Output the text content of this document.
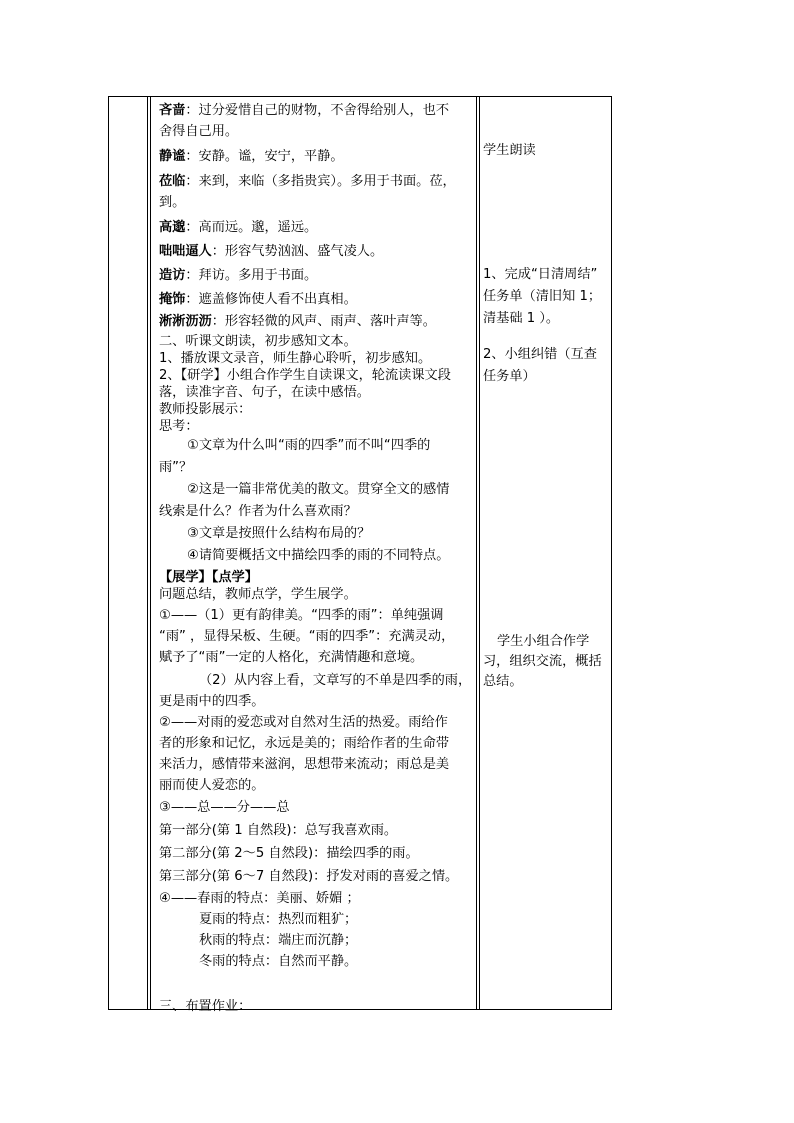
吝啬：过分爱惜自己的财物，不舍得给别人，也不
舍得自己用。
静谧：安静。谧，安宁，平静。
莅临：来到，来临（多指贵宾）。多用于书面。莅，
到。
高邈：高而远。邈，遥远。
咄咄逼人：形容气势汹汹、盛气凌人。
造访：拜访。多用于书面。
掩饰：遮盖修饰使人看不出真相。
淅淅沥沥：形容轻微的风声、雨声、落叶声等。
二、听课文朗读，初步感知文本。
1、播放课文录音，师生静心聆听，初步感知。
2、【研学】小组合作学生自读课文，轮流读课文段
落，读准字音、句子，在读中感悟。
教师投影展示：
思考：
①文章为什么叫“雨的四季”而不叫“四季的
雨”？
②这是一篇非常优美的散文。贯穿全文的感情
线索是什么？作者为什么喜欢雨？
③文章是按照什么结构布局的？
④请简要概括文中描绘四季的雨的不同特点。
【展学】【点学】
问题总结，教师点学，学生展学。
①——（1）更有韵律美。“四季的雨”：单纯强调
“雨” ，显得呆板、生硬。“雨的四季”：充满灵动，
赋予了“雨”一定的人格化，充满情趣和意境。
（2）从内容上看，文章写的不单是四季的雨，
更是雨中的四季。
②——对雨的爱恋或对自然对生活的热爱。雨给作
者的形象和记忆，永远是美的；雨给作者的生命带
来活力，感情带来滋润，思想带来流动；雨总是美
丽而使人爱恋的。
③——总——分——总
第一部分(第 1 自然段)：总写我喜欢雨。
第二部分(第 2～5 自然段)：描绘四季的雨。
第三部分(第 6～7 自然段)：抒发对雨的喜爱之情。
④——春雨的特点：美丽、娇媚 ；
夏雨的特点：热烈而粗犷；
秋雨的特点：端庄而沉静；
冬雨的特点：自然而平静。
三、布置作业：
学生朗读
1、完成“日清周结”
任务单（清旧知 1；
清基础 1 ）。
2、小组纠错（互查
任务单）
学生小组合作学
习，组织交流，概括
总结。
